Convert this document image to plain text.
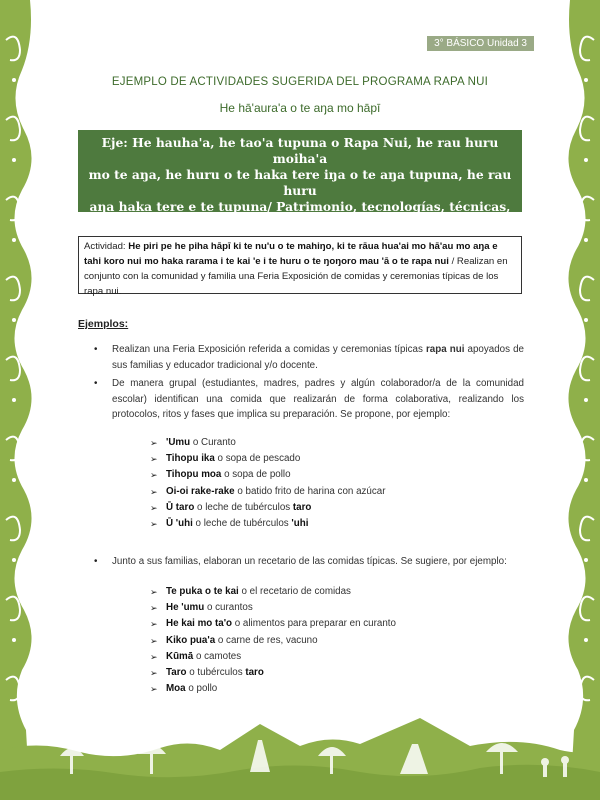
3° BÁSICO Unidad 3
EJEMPLO DE ACTIVIDADES SUGERIDA DEL PROGRAMA RAPA NUI
He hā'aura'a o te aŋa mo hāpī
Eje: He hauha'a, he tao'a tupuna o Rapa Nui, he rau huru moiha'a
mo te aŋa, he huru o te haka tere iŋa o te aŋa tupuna, he rau huru
aŋa haka tere e te tupuna/ Patrimonio, tecnologías, técnicas,
ciencias y artes ancestrales.
Actividad: He piri pe he piha hāpī ki te nu'u o te mahiŋo, ki te rāua hua'ai mo hā'au mo aŋa e tahi koro nui mo haka rarama i te kai 'e i te huru o te ŋoŋoro mau 'ā o te rapa nui / Realizan en conjunto con la comunidad y familia una Feria Exposición de comidas y ceremonias típicas de los rapa nui.
Ejemplos:
• Realizan una Feria Exposición referida a comidas y ceremonias típicas rapa nui apoyados de sus familias y educador tradicional y/o docente.
• De manera grupal (estudiantes, madres, padres y algún colaborador/a de la comunidad escolar) identifican una comida que realizarán de forma colaborativa, realizando los protocolos, ritos y fases que implica su preparación. Se propone, por ejemplo:
➢ 'Umu o Curanto
➢ Tihopu ika o sopa de pescado
➢ Tihopu moa o sopa de pollo
➢ Oi-oi rake-rake o batido frito de harina con azúcar
➢ Ū taro o leche de tubérculos taro
➢ Ū 'uhi o leche de tubérculos 'uhi
• Junto a sus familias, elaboran un recetario de las comidas típicas. Se sugiere, por ejemplo:
➢ Te puka o te kai o el recetario de comidas
➢ He 'umu o curantos
➢ He kai mo ta'o o alimentos para preparar en curanto
➢ Kiko pua'a o carne de res, vacuno
➢ Kūmā o camotes
➢ Taro o tubérculos taro
➢ Moa o pollo
